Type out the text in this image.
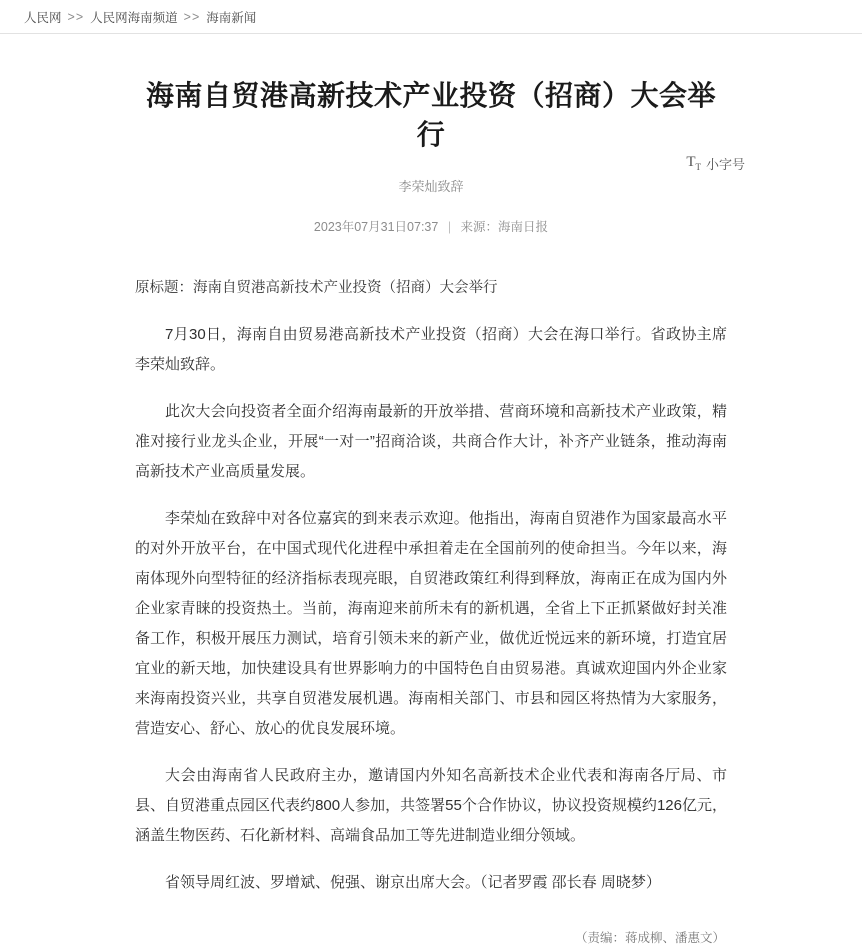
人民网 >> 人民网海南频道 >> 海南新闻
海南自贸港高新技术产业投资（招商）大会举行
李荣灿致辞
2023年07月31日07:37 | 来源：海南日报
$T_T$ 小字号
原标题：海南自贸港高新技术产业投资（招商）大会举行

7月30日，海南自由贸易港高新技术产业投资（招商）大会在海口举行。省政协主席李荣灿致辞。

此次大会向投资者全面介绍海南最新的开放举措、营商环境和高新技术产业政策，精准对接行业龙头企业，开展“一对一”招商洽谈，共商合作大计，补齐产业链条，推动海南高新技术产业高质量发展。

李荣灿在致辞中对各位嘉宾的到来表示欢迎。他指出，海南自贸港作为国家最高水平的对外开放平台，在中国式现代化进程中承担着走在全国前列的使命担当。今年以来，海南体现外向型特征的经济指标表现亮眼，自贸港政策红利得到释放，海南正在成为国内外企业家青睐的投资热土。当前，海南迎来前所未有的新机遇，全省上下正抓紧做好封关准备工作，积极开展压力测试，培育引领未来的新产业，做优近悦远来的新环境，打造宜居宜业的新天地，加快建设具有世界影响力的中国特色自由贸易港。真诚欢迎国内外企业家来海南投资兴业，共享自贸港发展机遇。海南相关部门、市县和园区将热情为大家服务，营造安心、舒心、放心的优良发展环境。

大会由海南省人民政府主办，邀请国内外知名高新技术企业代表和海南各厅局、市县、自贸港重点园区代表约800人参加，共签署55个合作协议，协议投资规模约126亿元，涵盖生物医药、石化新材料、高端食品加工等先进制造业细分领域。

省领导周红波、罗增斌、倪强、谢京出席大会。（记者罗霞 邵长春 周晓梦）

（责编：蒋成柳、潘惠文）
